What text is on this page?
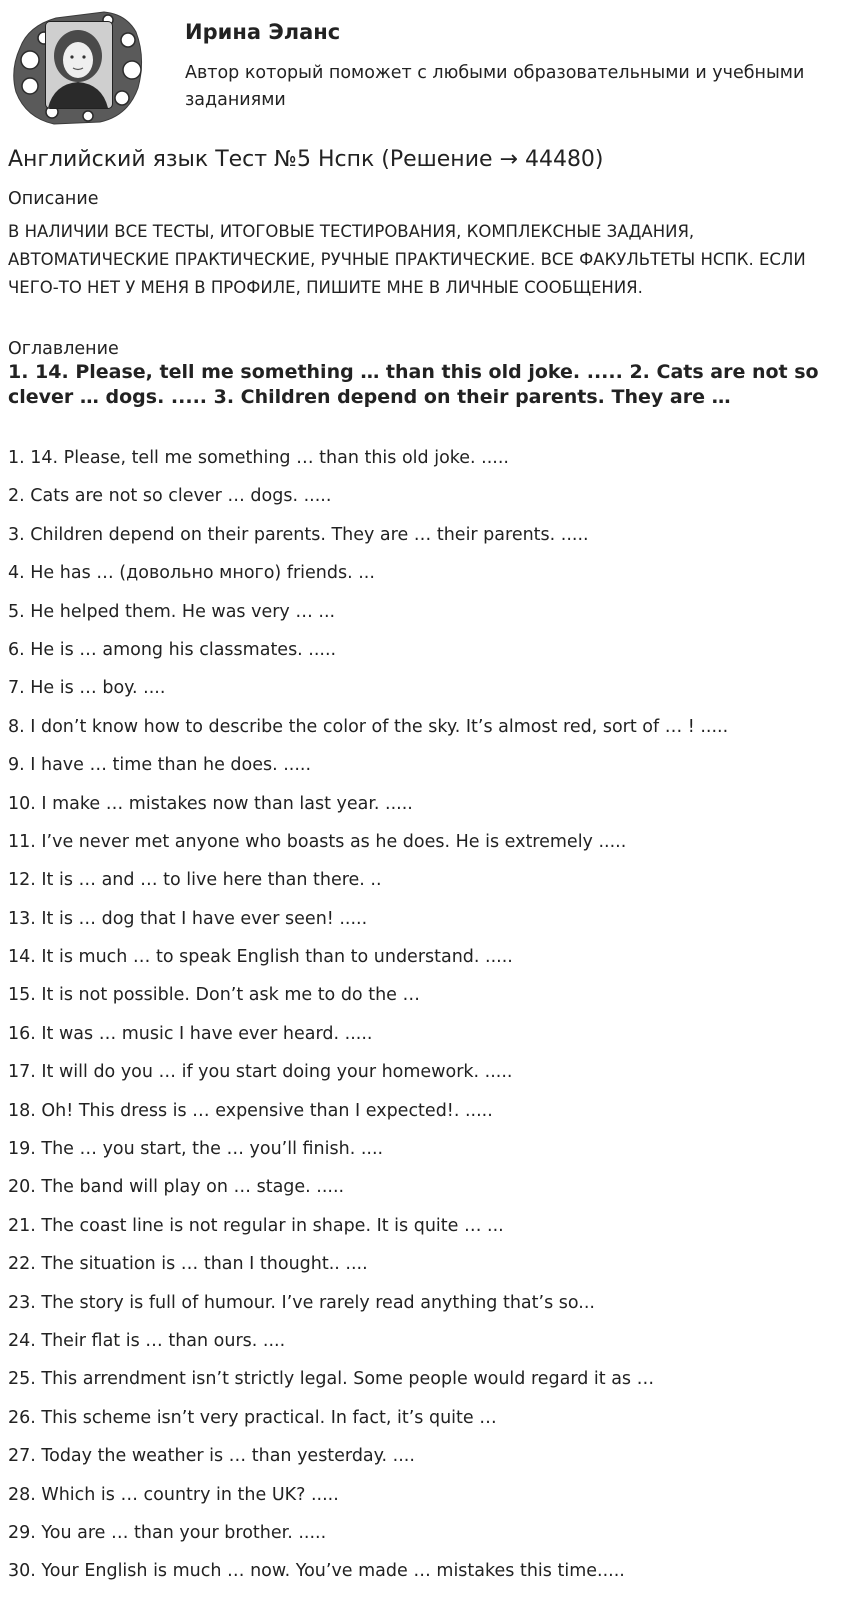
Ирина Эланс
Автор который поможет с любыми образовательными и учебными заданиями
Английский язык Тест №5 Нспк (Решение → 44480)
Описание
В НАЛИЧИИ ВСЕ ТЕСТЫ, ИТОГОВЫЕ ТЕСТИРОВАНИЯ, КОМПЛЕКСНЫЕ ЗАДАНИЯ, АВТОМАТИЧЕСКИЕ ПРАКТИЧЕСКИЕ, РУЧНЫЕ ПРАКТИЧЕСКИЕ. ВСЕ ФАКУЛЬТЕТЫ НСПК. ЕСЛИ ЧЕГО-ТО НЕТ У МЕНЯ В ПРОФИЛЕ, ПИШИТЕ МНЕ В ЛИЧНЫЕ СООБЩЕНИЯ.
Оглавление
1. 14. Please, tell me something … than this old joke. ..... 2. Cats are not so clever … dogs. ..... 3. Children depend on their parents. They are …
1. 14. Please, tell me something … than this old joke. .....
2. Cats are not so clever … dogs. .....
3. Children depend on their parents. They are … their parents. .....
4. He has … (довольно много) friends. ...
5. He helped them. He was very … ...
6. He is … among his classmates. .....
7. He is … boy. ....
8. I don’t know how to describe the color of the sky. It’s almost red, sort of … ! .....
9. I have … time than he does. .....
10. I make … mistakes now than last year. .....
11. I’ve never met anyone who boasts as he does. He is extremely .....
12. It is … and … to live here than there. ..
13. It is … dog that I have ever seen! .....
14. It is much … to speak English than to understand. .....
15. It is not possible. Don’t ask me to do the …
16. It was … music I have ever heard. .....
17. It will do you … if you start doing your homework. .....
18. Oh! This dress is … expensive than I expected!. .....
19. The … you start, the … you’ll finish. ....
20. The band will play on … stage. .....
21. The coast line is not regular in shape. It is quite … ...
22. The situation is … than I thought.. ....
23. The story is full of humour. I’ve rarely read anything that’s so...
24. Their flat is … than ours. ....
25. This arrendment isn’t strictly legal. Some people would regard it as …
26. This scheme isn’t very practical. In fact, it’s quite …
27. Today the weather is … than yesterday. ....
28. Which is … country in the UK? .....
29. You are … than your brother. .....
30. Your English is much … now. You’ve made … mistakes this time.....
